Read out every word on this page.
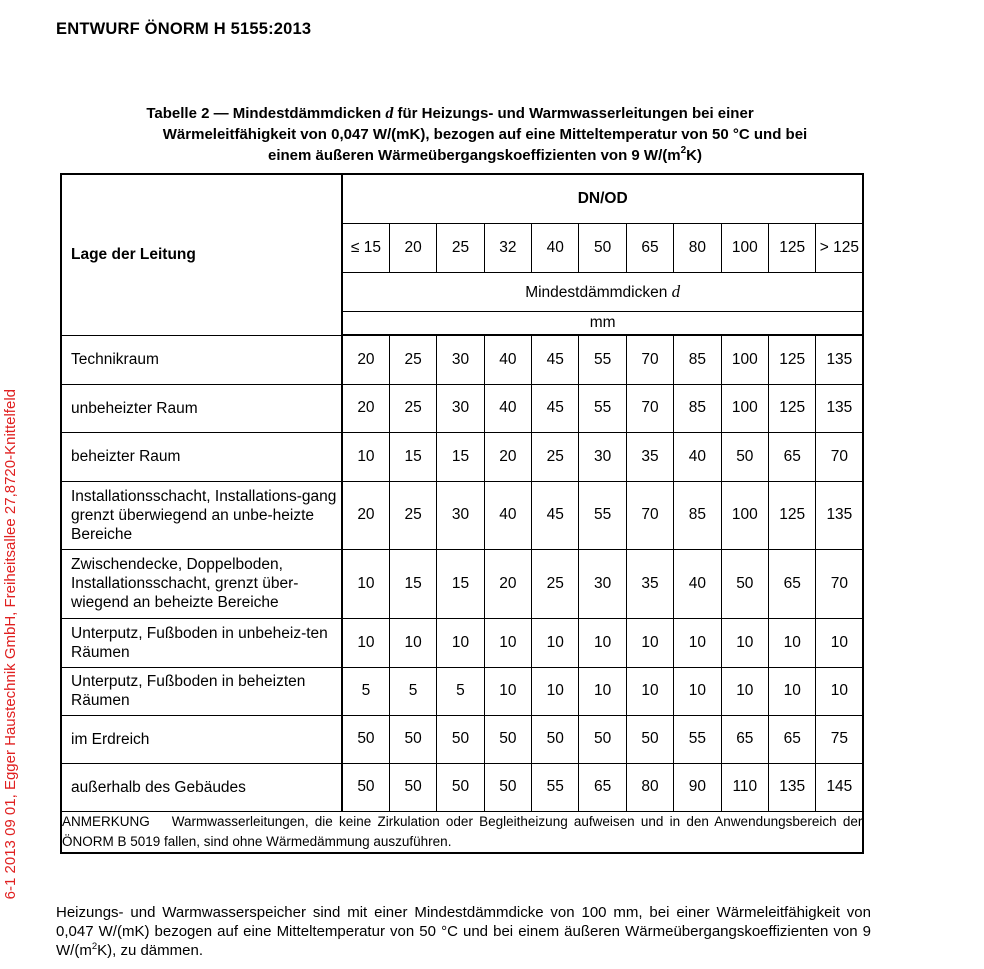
ENTWURF ÖNORM H 5155:2013
Tabelle 2 — Mindestdämmdicken d für Heizungs- und Warmwasserleitungen bei einer
Wärmeleitfähigkeit von 0,047 W/(mK), bezogen auf eine Mitteltemperatur von 50 °C und bei
einem äußeren Wärmeübergangskoeffizienten von 9 $W/(m^2K)$
Lage der Leitung	DN/OD										
	≤ 15	20	25	32	40	50	65	80	100	125	> 125
	Mindestdämmdicken d										
	mm										
Technikraum	20	25	30	40	45	55	70	85	100	125	135
unbeheizter Raum	20	25	30	40	45	55	70	85	100	125	135
beheizter Raum	10	15	15	20	25	30	35	40	50	65	70
Installationsschacht, Installations-gang grenzt überwiegend an unbe-heizte Bereiche	20	25	30	40	45	55	70	85	100	125	135
Zwischendecke, Doppelboden, Installationsschacht, grenzt über-wiegend an beheizte Bereiche	10	15	15	20	25	30	35	40	50	65	70
Unterputz, Fußboden in unbeheiz-ten Räumen	10	10	10	10	10	10	10	10	10	10	10
Unterputz, Fußboden in beheizten Räumen	5	5	5	10	10	10	10	10	10	10	10
im Erdreich	50	50	50	50	50	50	50	55	65	65	75
außerhalb des Gebäudes	50	50	50	50	55	65	80	90	110	135	145
ANMERKUNG Warmwasserleitungen, die keine Zirkulation oder Begleitheizung aufweisen und in den Anwendungsbereich der ÖNORM B 5019 fallen, sind ohne Wärmedämmung auszuführen.											
Heizungs- und Warmwasserspeicher sind mit einer Mindestdämmdicke von 100 mm, bei einer Wärmeleitfähigkeit von 0,047 W/(mK) bezogen auf eine Mitteltemperatur von 50 °C und bei einem äußeren Wärmeübergangskoeffizienten von 9 $W/(m^2K)$, zu dämmen.
6-1 2013 09 01, Egger Haustechnik GmbH, Freiheitsallee 27,8720-Knittelfeld
